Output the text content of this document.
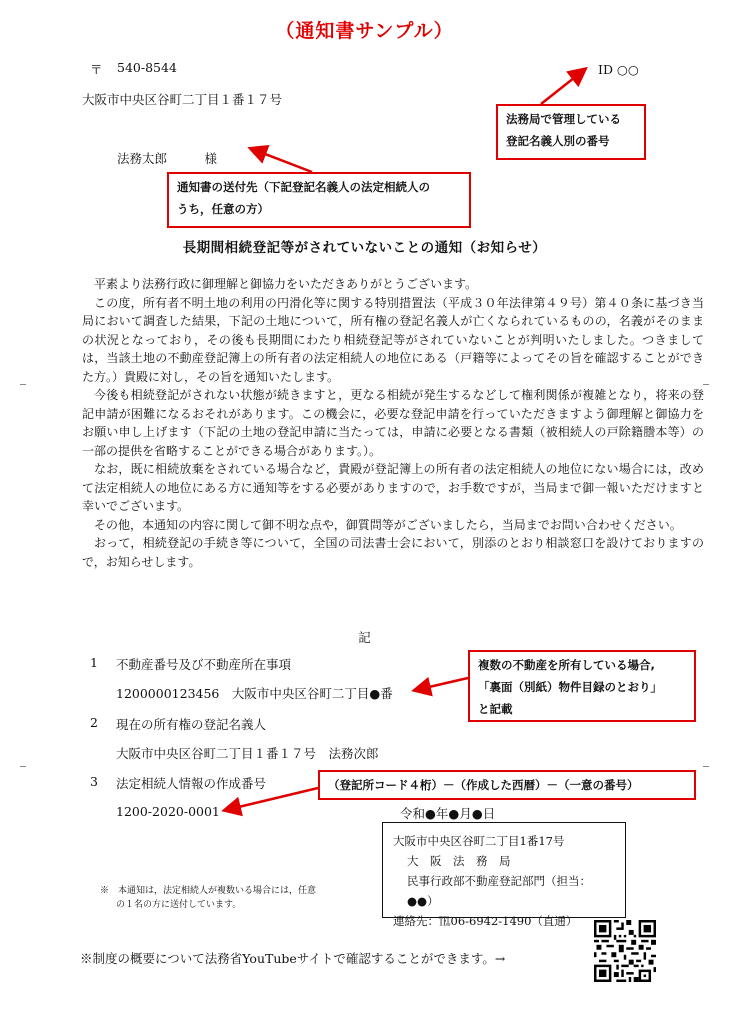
（通知書サンプル）
〒 540-8544	ID ○○
大阪市中央区谷町二丁目１番１７号
法務太郎　　　様
法務局で管理している
登記名義人別の番号
通知書の送付先（下記登記名義人の法定相続人の
うち，任意の方）
長期間相続登記等がされていないことの通知（お知らせ）

平素より法務行政に御理解と御協力をいただきありがとうございます。

この度，所有者不明土地の利用の円滑化等に関する特別措置法（平成３０年法律第４９号）第４０条に基づき当局において調査した結果，下記の土地について，所有権の登記名義人が亡くなられているものの，名義がそのままの状況となっており，その後も長期間にわたり相続登記等がされていないことが判明いたしました。つきましては，当該土地の不動産登記簿上の所有者の法定相続人の地位にある（戸籍等によってその旨を確認することができた方。）貴殿に対し，その旨を通知いたします。

今後も相続登記がされない状態が続きますと，更なる相続が発生するなどして権利関係が複雑となり，将来の登記申請が困難になるおそれがあります。この機会に，必要な登記申請を行っていただきますよう御理解と御協力をお願い申し上げます（下記の土地の登記申請に当たっては，申請に必要となる書類（被相続人の戸除籍謄本等）の一部の提供を省略することができる場合があります。）。

なお，既に相続放棄をされている場合など，貴殿が登記簿上の所有者の法定相続人の地位にない場合には，改めて法定相続人の地位にある方に通知等をする必要がありますので，お手数ですが，当局まで御一報いただけますと幸いでございます。

その他，本通知の内容に関して御不明な点や，御質問等がございましたら，当局までお問い合わせください。

おって，相続登記の手続き等について，全国の司法書士会において，別添のとおり相談窓口を設けておりますので，お知らせします。

記
1 不動産番号及び不動産所在事項
1200000123456　大阪市中央区谷町二丁目●番
2 現在の所有権の登記名義人
大阪市中央区谷町二丁目１番１７号　法務次郎
3 法定相続人情報の作成番号
1200-2020-0001	令和●年●月●日
複数の不動産を所有している場合,
「裏面（別紙）物件目録のとおり」
と記載
（登記所コード４桁）－（作成した西暦）－（一意の番号）
※　本通知は，法定相続人が複数いる場合には，任意
の１名の方に送付しています。
大阪市中央区谷町二丁目1番17号
大　阪　法　務　局
民事行政部不動産登記部門（担当：●●）
連絡先：℡06-6942-1490（直通）
※制度の概要について法務省YouTubeサイトで確認することができます。→
